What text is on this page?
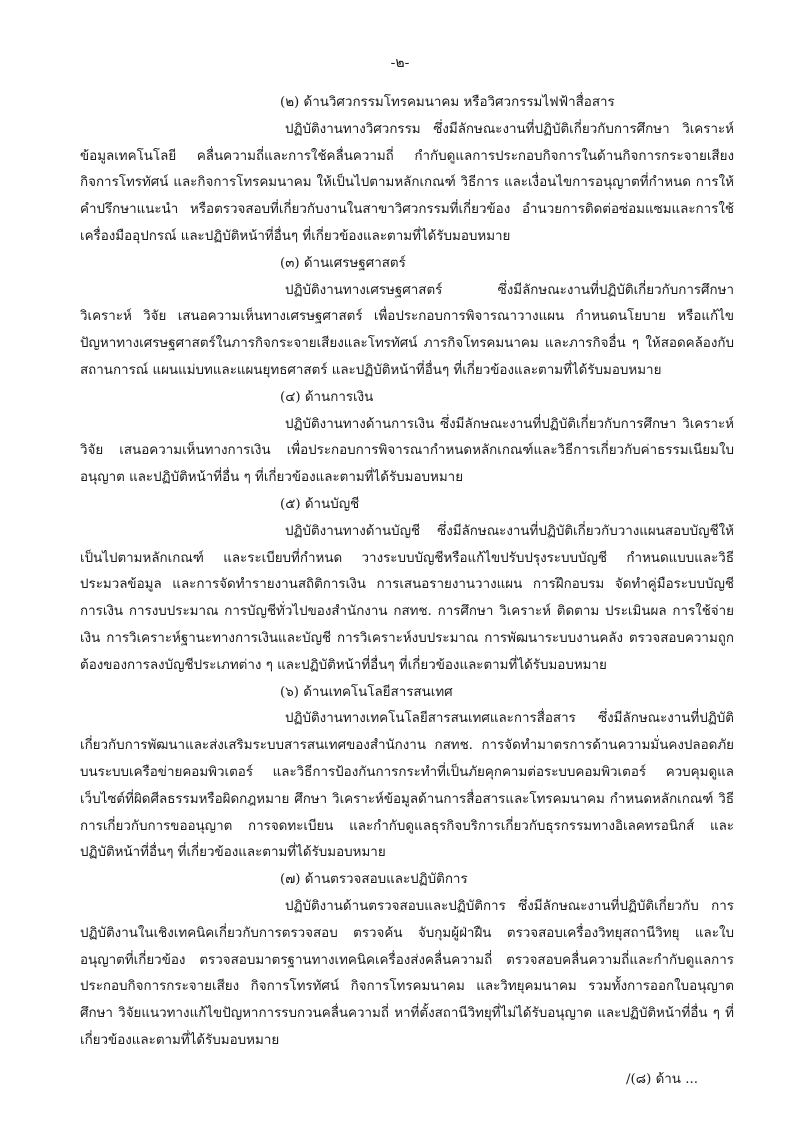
-๒-

(๒) ด้านวิศวกรรมโทรคมนาคม หรือวิศวกรรมไฟฟ้าสื่อสาร

ปฏิบัติงานทางวิศวกรรม ซึ่งมีลักษณะงานที่ปฏิบัติเกี่ยวกับการศึกษา วิเคราะห์ข้อมูลเทคโนโลยี คลื่นความถี่และการใช้คลื่นความถี่ กำกับดูแลการประกอบกิจการในด้านกิจการกระจายเสียง กิจการโทรทัศน์ และกิจการโทรคมนาคม ให้เป็นไปตามหลักเกณฑ์ วิธีการ และเงื่อนไขการอนุญาตที่กำหนด การให้คำปรึกษาแนะนำ หรือตรวจสอบที่เกี่ยวกับงานในสาขาวิศวกรรมที่เกี่ยวข้อง อำนวยการติดต่อซ่อมแซมและการใช้เครื่องมืออุปกรณ์ และปฏิบัติหน้าที่อื่นๆ ที่เกี่ยวข้องและตามที่ได้รับมอบหมาย

(๓) ด้านเศรษฐศาสตร์

ปฏิบัติงานทางเศรษฐศาสตร์ ซึ่งมีลักษณะงานที่ปฏิบัติเกี่ยวกับการศึกษา วิเคราะห์ วิจัย เสนอความเห็นทางเศรษฐศาสตร์ เพื่อประกอบการพิจารณาวางแผน กำหนดนโยบาย หรือแก้ไขปัญหาทางเศรษฐศาสตร์ในภารกิจกระจายเสียงและโทรทัศน์ ภารกิจโทรคมนาคม และภารกิจอื่น ๆ ให้สอดคล้องกับสถานการณ์ แผนแม่บทและแผนยุทธศาสตร์ และปฏิบัติหน้าที่อื่นๆ ที่เกี่ยวข้องและตามที่ได้รับมอบหมาย

(๔) ด้านการเงิน

ปฏิบัติงานทางด้านการเงิน ซึ่งมีลักษณะงานที่ปฏิบัติเกี่ยวกับการศึกษา วิเคราะห์ วิจัย เสนอความเห็นทางการเงิน เพื่อประกอบการพิจารณากำหนดหลักเกณฑ์และวิธีการเกี่ยวกับค่าธรรมเนียมใบอนุญาต และปฏิบัติหน้าที่อื่น ๆ ที่เกี่ยวข้องและตามที่ได้รับมอบหมาย

(๕) ด้านบัญชี

ปฏิบัติงานทางด้านบัญชี ซึ่งมีลักษณะงานที่ปฏิบัติเกี่ยวกับวางแผนสอบบัญชีให้เป็นไปตามหลักเกณฑ์ และระเบียบที่กำหนด วางระบบบัญชีหรือแก้ไขปรับปรุงระบบบัญชี กำหนดแบบและวิธีประมวลข้อมูล และการจัดทำรายงานสถิติการเงิน การเสนอรายงานวางแผน การฝึกอบรม จัดทำคู่มือระบบบัญชี การเงิน การงบประมาณ การบัญชีทั่วไปของสำนักงาน กสทช. การศึกษา วิเคราะห์ ติดตาม ประเมินผล การใช้จ่ายเงิน การวิเคราะห์ฐานะทางการเงินและบัญชี การวิเคราะห์งบประมาณ การพัฒนาระบบงานคลัง ตรวจสอบความถูกต้องของการลงบัญชีประเภทต่าง ๆ และปฏิบัติหน้าที่อื่นๆ ที่เกี่ยวข้องและตามที่ได้รับมอบหมาย

(๖) ด้านเทคโนโลยีสารสนเทศ

ปฏิบัติงานทางเทคโนโลยีสารสนเทศและการสื่อสาร ซึ่งมีลักษณะงานที่ปฏิบัติเกี่ยวกับการพัฒนาและส่งเสริมระบบสารสนเทศของสำนักงาน กสทช. การจัดทำมาตรการด้านความมั่นคงปลอดภัยบนระบบเครือข่ายคอมพิวเตอร์ และวิธีการป้องกันการกระทำที่เป็นภัยคุกคามต่อระบบคอมพิวเตอร์ ควบคุมดูแลเว็บไซต์ที่ผิดศีลธรรมหรือผิดกฎหมาย ศึกษา วิเคราะห์ข้อมูลด้านการสื่อสารและโทรคมนาคม กำหนดหลักเกณฑ์ วิธีการเกี่ยวกับการขออนุญาต การจดทะเบียน และกำกับดูแลธุรกิจบริการเกี่ยวกับธุรกรรมทางอิเลคทรอนิกส์ และปฏิบัติหน้าที่อื่นๆ ที่เกี่ยวข้องและตามที่ได้รับมอบหมาย

(๗) ด้านตรวจสอบและปฏิบัติการ

ปฏิบัติงานด้านตรวจสอบและปฏิบัติการ ซึ่งมีลักษณะงานที่ปฏิบัติเกี่ยวกับ การปฏิบัติงานในเชิงเทคนิคเกี่ยวกับการตรวจสอบ ตรวจค้น จับกุมผู้ฝ่าฝืน ตรวจสอบเครื่องวิทยุสถานีวิทยุ และใบอนุญาตที่เกี่ยวข้อง ตรวจสอบมาตรฐานทางเทคนิคเครื่องส่งคลื่นความถี่ ตรวจสอบคลื่นความถี่และกำกับดูแลการประกอบกิจการกระจายเสียง กิจการโทรทัศน์ กิจการโทรคมนาคม และวิทยุคมนาคม รวมทั้งการออกใบอนุญาต ศึกษา วิจัยแนวทางแก้ไขปัญหาการรบกวนคลื่นความถี่ หาที่ตั้งสถานีวิทยุที่ไม่ได้รับอนุญาต และปฏิบัติหน้าที่อื่น ๆ ที่เกี่ยวข้องและตามที่ได้รับมอบหมาย

/(๘) ด้าน ...
